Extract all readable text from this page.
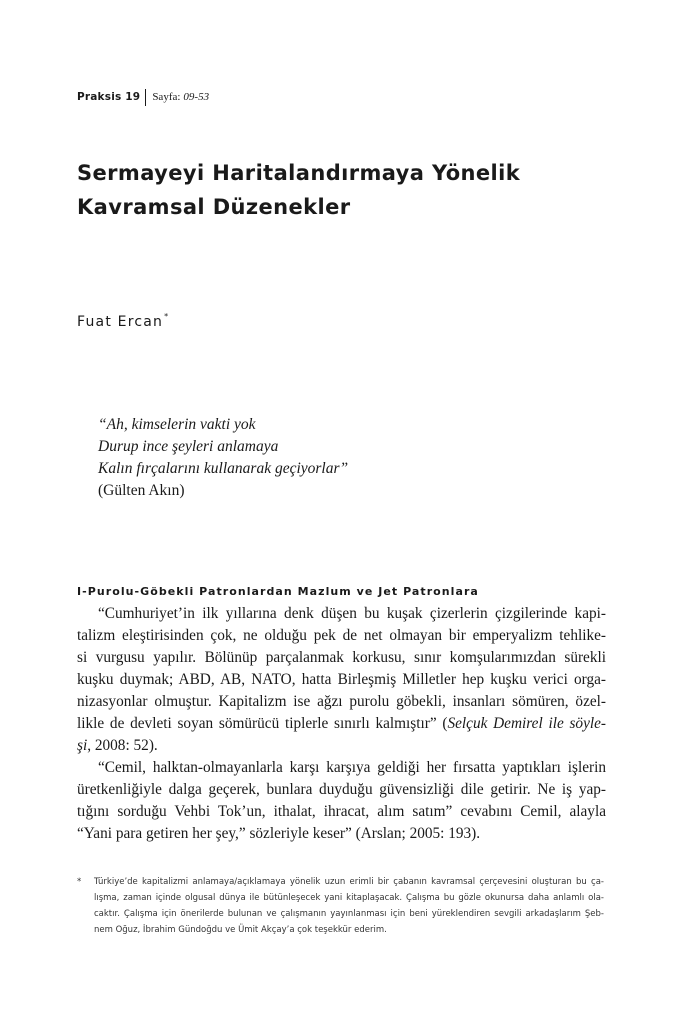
Praksis 19 Sayfa: 09-53
Sermayeyi Haritalandırmaya Yönelik
Kavramsal Düzenekler
Fuat Ercan*
“Ah, kimselerin vakti yok
Durup ince şeyleri anlamaya
Kalın fırçalarını kullanarak geçiyorlar”
(Gülten Akın)
I-Purolu-Göbekli Patronlardan Mazlum ve Jet Patronlara
“Cumhuriyet’in ilk yıllarına denk düşen bu kuşak çizerlerin çizgilerinde kapi-
talizm eleştirisinden çok, ne olduğu pek de net olmayan bir emperyalizm tehlike-
si vurgusu yapılır. Bölünüp parçalanmak korkusu, sınır komşularımızdan sürekli
kuşku duymak; ABD, AB, NATO, hatta Birleşmiş Milletler hep kuşku verici orga-
nizasyonlar olmuştur. Kapitalizm ise ağzı purolu göbekli, insanları sömüren, özel-
likle de devleti soyan sömürücü tiplerle sınırlı kalmıştır” (Selçuk Demirel ile söyle-
şi, 2008: 52).
“Cemil, halktan-olmayanlarla karşı karşıya geldiği her fırsatta yaptıkları işlerin
üretkenliğiyle dalga geçerek, bunlara duyduğu güvensizliği dile getirir. Ne iş yap-
tığını sorduğu Vehbi Tok’un, ithalat, ihracat, alım satım” cevabını Cemil, alayla
“Yani para getiren her şey,” sözleriyle keser” (Arslan; 2005: 193).
* Türkiye’de kapitalizmi anlamaya/açıklamaya yönelik uzun erimli bir çabanın kavramsal çerçevesini oluşturan bu ça-
lışma, zaman içinde olgusal dünya ile bütünleşecek yani kitaplaşacak. Çalışma bu gözle okunursa daha anlamlı ola-
caktır. Çalışma için önerilerde bulunan ve çalışmanın yayınlanması için beni yüreklendiren sevgili arkadaşlarım Şeb-
nem Oğuz, İbrahim Gündoğdu ve Ümit Akçay’a çok teşekkür ederim.
